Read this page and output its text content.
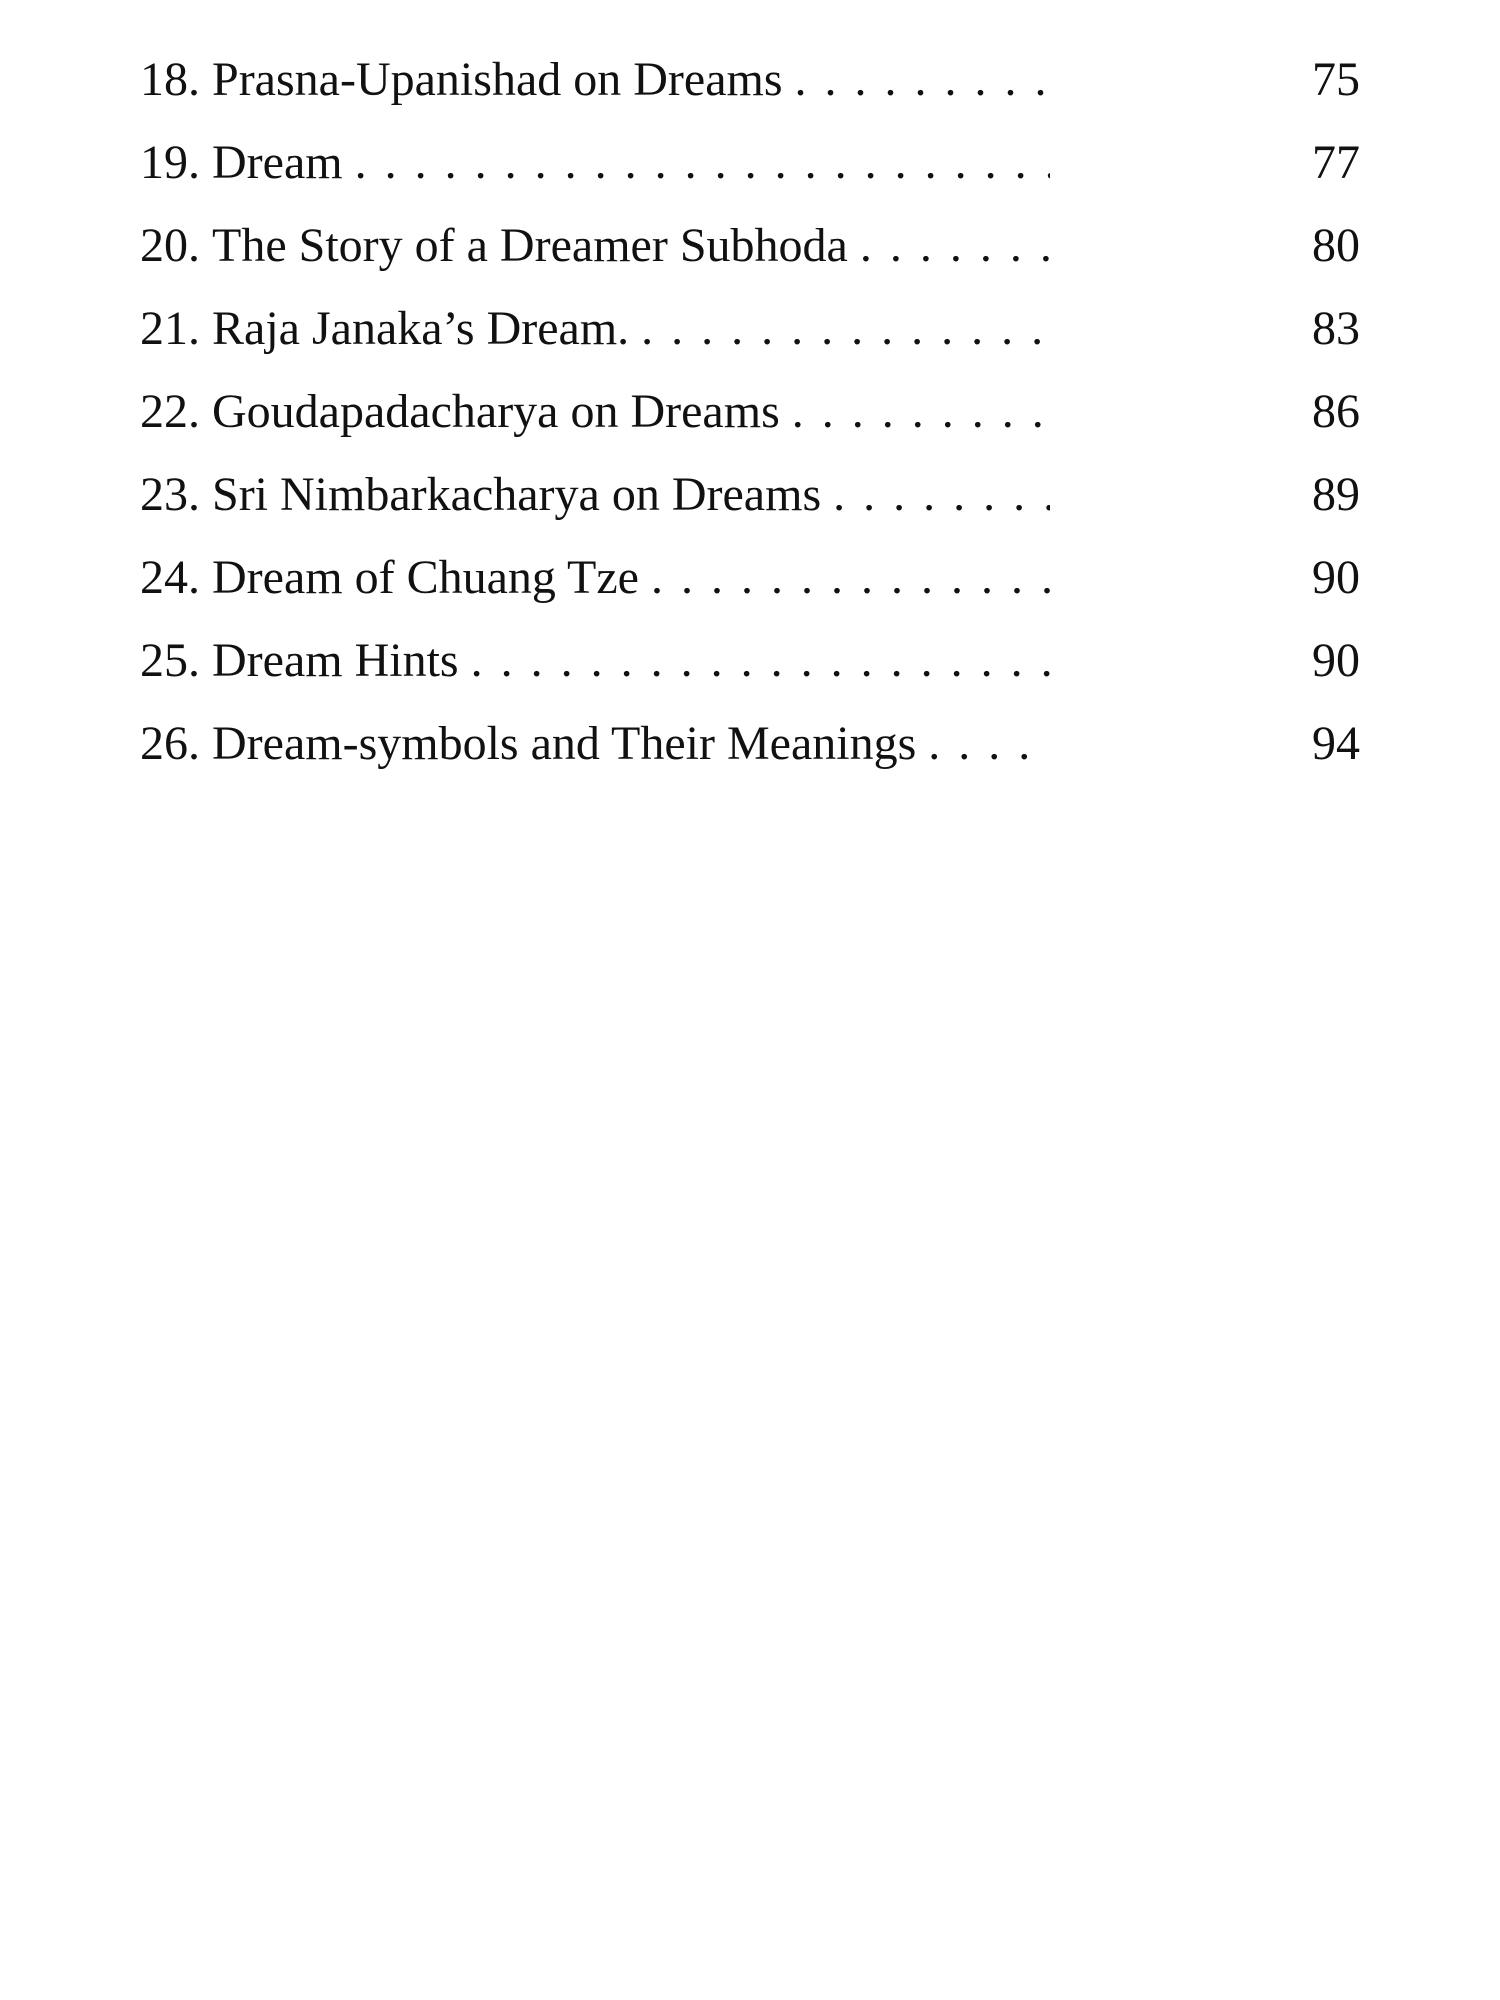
18. Prasna-Upanishad on Dreams . . .	75
19. Dream . . .	77
20. The Story of a Dreamer Subhoda . . .	80
21. Raja Janaka’s Dream. . . .	83
22. Goudapadacharya on Dreams . . .	86
23. Sri Nimbarkacharya on Dreams . . .	89
24. Dream of Chuang Tze . . .	90
25. Dream Hints . . .	90
26. Dream-symbols and Their Meanings . . .	94
